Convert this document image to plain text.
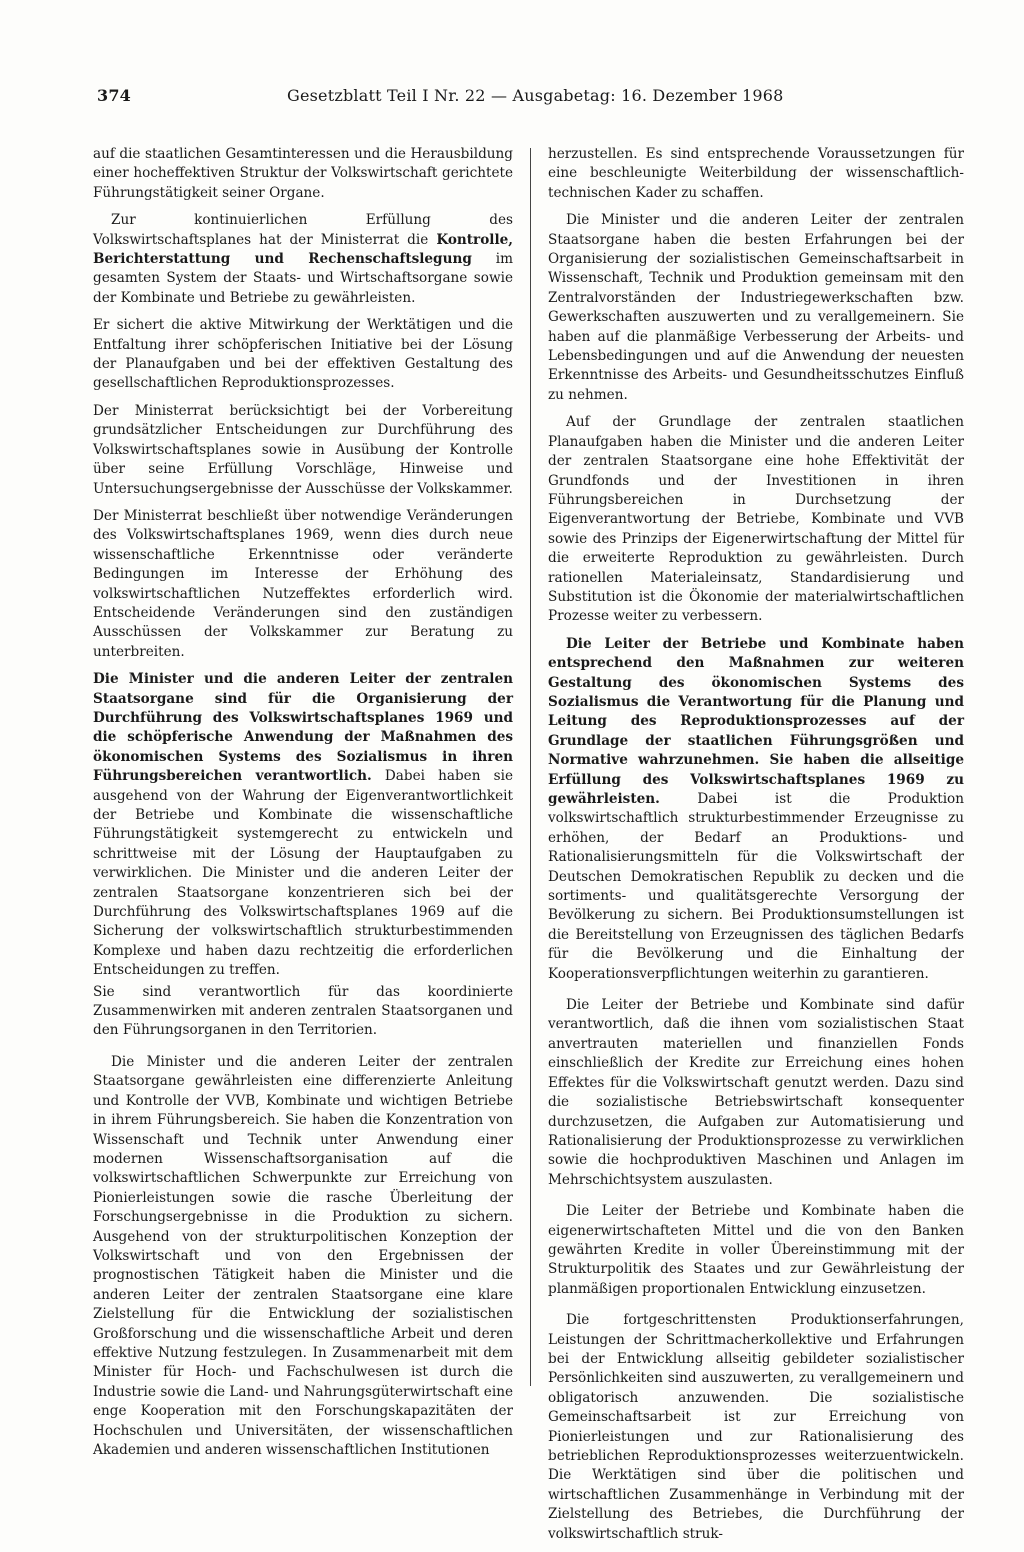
374	Gesetzblatt Teil I Nr. 22 — Ausgabetag: 16. Dezember 1968

auf die staatlichen Gesamtinteressen und die Herausbildung einer hocheffektiven Struktur der Volkswirtschaft gerichtete Führungstätigkeit seiner Organe.

Zur kontinuierlichen Erfüllung des Volkswirtschaftsplanes hat der Ministerrat die Kontrolle, Berichterstattung und Rechenschaftslegung im gesamten System der Staats- und Wirtschaftsorgane sowie der Kombinate und Betriebe zu gewährleisten.

Er sichert die aktive Mitwirkung der Werktätigen und die Entfaltung ihrer schöpferischen Initiative bei der Lösung der Planaufgaben und bei der effektiven Gestaltung des gesellschaftlichen Reproduktionsprozesses.

Der Ministerrat berücksichtigt bei der Vorbereitung grundsätzlicher Entscheidungen zur Durchführung des Volkswirtschaftsplanes sowie in Ausübung der Kontrolle über seine Erfüllung Vorschläge, Hinweise und Untersuchungsergebnisse der Ausschüsse der Volkskammer.

Der Ministerrat beschließt über notwendige Veränderungen des Volkswirtschaftsplanes 1969, wenn dies durch neue wissenschaftliche Erkenntnisse oder veränderte Bedingungen im Interesse der Erhöhung des volkswirtschaftlichen Nutzeffektes erforderlich wird. Entscheidende Veränderungen sind den zuständigen Ausschüssen der Volkskammer zur Beratung zu unterbreiten.

Die Minister und die anderen Leiter der zentralen Staatsorgane sind für die Organisierung der Durchführung des Volkswirtschaftsplanes 1969 und die schöpferische Anwendung der Maßnahmen des ökonomischen Systems des Sozialismus in ihren Führungsbereichen verantwortlich. Dabei haben sie ausgehend von der Wahrung der Eigenverantwortlichkeit der Betriebe und Kombinate die wissenschaftliche Führungstätigkeit systemgerecht zu entwickeln und schrittweise mit der Lösung der Hauptaufgaben zu verwirklichen. Die Minister und die anderen Leiter der zentralen Staatsorgane konzentrieren sich bei der Durchführung des Volkswirtschaftsplanes 1969 auf die Sicherung der volkswirtschaftlich strukturbestimmenden Komplexe und haben dazu rechtzeitig die erforderlichen Entscheidungen zu treffen.

Sie sind verantwortlich für das koordinierte Zusammenwirken mit anderen zentralen Staatsorganen und den Führungsorganen in den Territorien.

Die Minister und die anderen Leiter der zentralen Staatsorgane gewährleisten eine differenzierte Anleitung und Kontrolle der VVB, Kombinate und wichtigen Betriebe in ihrem Führungsbereich. Sie haben die Konzentration von Wissenschaft und Technik unter Anwendung einer modernen Wissenschaftsorganisation auf die volkswirtschaftlichen Schwerpunkte zur Erreichung von Pionierleistungen sowie die rasche Überleitung der Forschungsergebnisse in die Produktion zu sichern. Ausgehend von der strukturpolitischen Konzeption der Volkswirtschaft und von den Ergebnissen der prognostischen Tätigkeit haben die Minister und die anderen Leiter der zentralen Staatsorgane eine klare Zielstellung für die Entwicklung der sozialistischen Großforschung und die wissenschaftliche Arbeit und deren effektive Nutzung festzulegen. In Zusammenarbeit mit dem Minister für Hoch- und Fachschulwesen ist durch die Industrie sowie die Land- und Nahrungsgüterwirtschaft eine enge Kooperation mit den Forschungskapazitäten der Hochschulen und Universitäten, der wissenschaftlichen Akademien und anderen wissenschaftlichen Institutionen

herzustellen. Es sind entsprechende Voraussetzungen für eine beschleunigte Weiterbildung der wissenschaftlich-technischen Kader zu schaffen.

Die Minister und die anderen Leiter der zentralen Staatsorgane haben die besten Erfahrungen bei der Organisierung der sozialistischen Gemeinschaftsarbeit in Wissenschaft, Technik und Produktion gemeinsam mit den Zentralvorständen der Industriegewerkschaften bzw. Gewerkschaften auszuwerten und zu verallgemeinern. Sie haben auf die planmäßige Verbesserung der Arbeits- und Lebensbedingungen und auf die Anwendung der neuesten Erkenntnisse des Arbeits- und Gesundheitsschutzes Einfluß zu nehmen.

Auf der Grundlage der zentralen staatlichen Planaufgaben haben die Minister und die anderen Leiter der zentralen Staatsorgane eine hohe Effektivität der Grundfonds und der Investitionen in ihren Führungsbereichen in Durchsetzung der Eigenverantwortung der Betriebe, Kombinate und VVB sowie des Prinzips der Eigenerwirtschaftung der Mittel für die erweiterte Reproduktion zu gewährleisten. Durch rationellen Materialeinsatz, Standardisierung und Substitution ist die Ökonomie der materialwirtschaftlichen Prozesse weiter zu verbessern.

Die Leiter der Betriebe und Kombinate haben entsprechend den Maßnahmen zur weiteren Gestaltung des ökonomischen Systems des Sozialismus die Verantwortung für die Planung und Leitung des Reproduktionsprozesses auf der Grundlage der staatlichen Führungsgrößen und Normative wahrzunehmen. Sie haben die allseitige Erfüllung des Volkswirtschaftsplanes 1969 zu gewährleisten. Dabei ist die Produktion volkswirtschaftlich strukturbestimmender Erzeugnisse zu erhöhen, der Bedarf an Produktions- und Rationalisierungsmitteln für die Volkswirtschaft der Deutschen Demokratischen Republik zu decken und die sortiments- und qualitätsgerechte Versorgung der Bevölkerung zu sichern. Bei Produktionsumstellungen ist die Bereitstellung von Erzeugnissen des täglichen Bedarfs für die Bevölkerung und die Einhaltung der Kooperationsverpflichtungen weiterhin zu garantieren.

Die Leiter der Betriebe und Kombinate sind dafür verantwortlich, daß die ihnen vom sozialistischen Staat anvertrauten materiellen und finanziellen Fonds einschließlich der Kredite zur Erreichung eines hohen Effektes für die Volkswirtschaft genutzt werden. Dazu sind die sozialistische Betriebswirtschaft konsequenter durchzusetzen, die Aufgaben zur Automatisierung und Rationalisierung der Produktionsprozesse zu verwirklichen sowie die hochproduktiven Maschinen und Anlagen im Mehrschichtsystem auszulasten.

Die Leiter der Betriebe und Kombinate haben die eigenerwirtschafteten Mittel und die von den Banken gewährten Kredite in voller Übereinstimmung mit der Strukturpolitik des Staates und zur Gewährleistung der planmäßigen proportionalen Entwicklung einzusetzen.

Die fortgeschrittensten Produktionserfahrungen, Leistungen der Schrittmacherkollektive und Erfahrungen bei der Entwicklung allseitig gebildeter sozialistischer Persönlichkeiten sind auszuwerten, zu verallgemeinern und obligatorisch anzuwenden. Die sozialistische Gemeinschaftsarbeit ist zur Erreichung von Pionierleistungen und zur Rationalisierung des betrieblichen Reproduktionsprozesses weiterzuentwickeln. Die Werktätigen sind über die politischen und wirtschaftlichen Zusammenhänge in Verbindung mit der Zielstellung des Betriebes, die Durchführung der volkswirtschaftlich struk-
